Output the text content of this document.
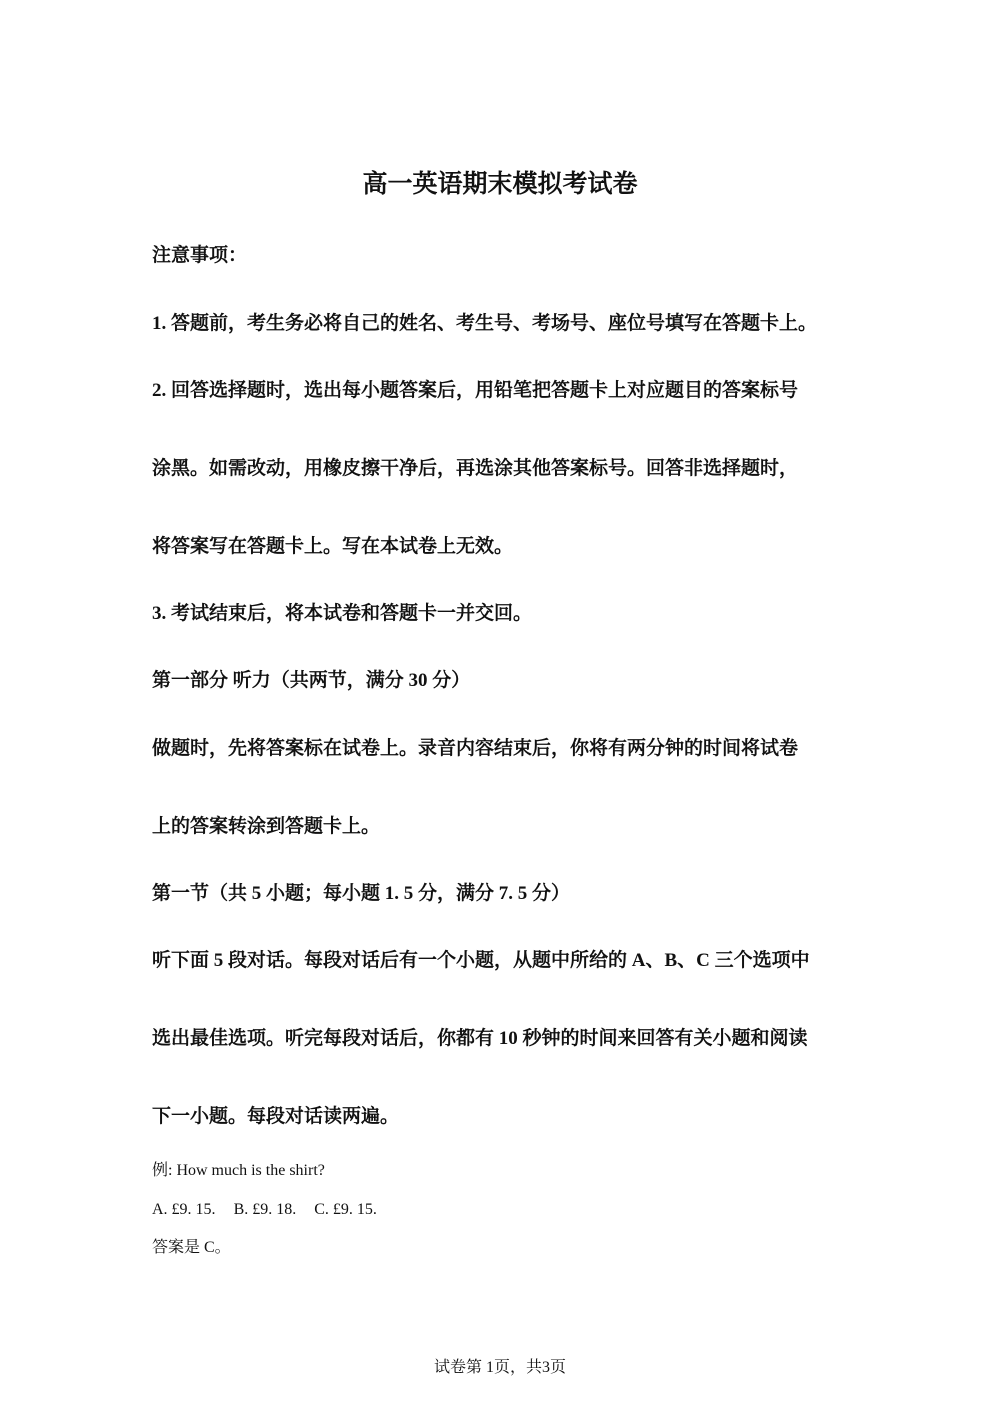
高一英语期末模拟考试卷
注意事项：
1. 答题前，考生务必将自己的姓名、考生号、考场号、座位号填写在答题卡上。
2. 回答选择题时，选出每小题答案后，用铅笔把答题卡上对应题目的答案标号
涂黑。如需改动，用橡皮擦干净后，再选涂其他答案标号。回答非选择题时，
将答案写在答题卡上。写在本试卷上无效。
3. 考试结束后，将本试卷和答题卡一并交回。
第一部分 听力（共两节，满分 30 分）
做题时，先将答案标在试卷上。录音内容结束后，你将有两分钟的时间将试卷
上的答案转涂到答题卡上。
第一节（共 5 小题；每小题 1. 5 分，满分 7. 5 分）
听下面 5 段对话。每段对话后有一个小题，从题中所给的 A、B、C 三个选项中
选出最佳选项。听完每段对话后，你都有 10 秒钟的时间来回答有关小题和阅读
下一小题。每段对话读两遍。
例: How much is the shirt?
A. £9. 15. B. £9. 18. C. £9. 15.
答案是 C。
试卷第 1页，共3页
